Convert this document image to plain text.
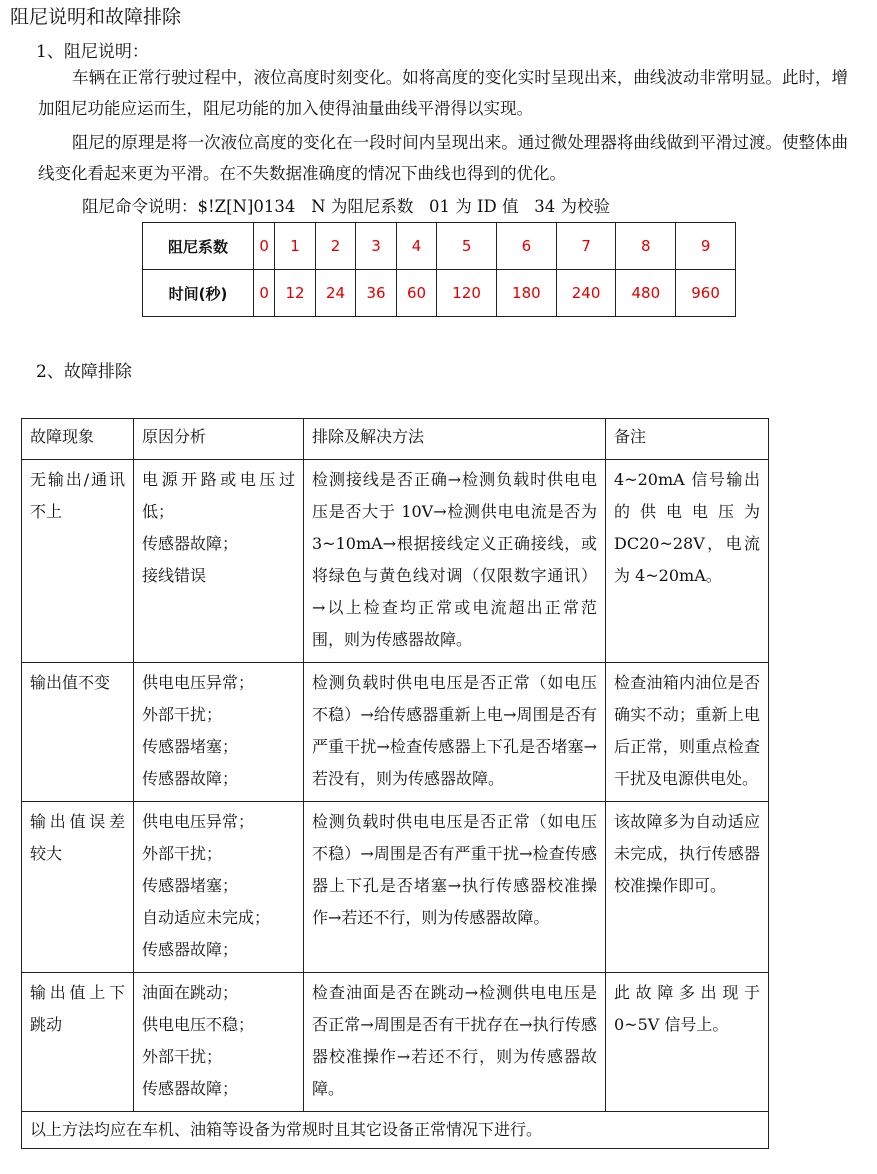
阻尼说明和故障排除

1、阻尼说明：

车辆在正常行驶过程中，液位高度时刻变化。如将高度的变化实时呈现出来，曲线波动非常明显。此时，增加阻尼功能应运而生，阻尼功能的加入使得油量曲线平滑得以实现。

阻尼的原理是将一次液位高度的变化在一段时间内呈现出来。通过微处理器将曲线做到平滑过渡。使整体曲线变化看起来更为平滑。在不失数据准确度的情况下曲线也得到的优化。

阻尼命令说明：$!Z[N]0134   N 为阻尼系数   01 为 ID 值   34 为校验

阻尼系数	0	1	2	3	4	5	6	7	8	9
时间(秒)	0	12	24	36	60	120	180	240	480	960

2、故障排除

故障现象	原因分析	排除及解决方法	备注
无输出/通讯不上	电源开路或电压过低；
传感器故障；
接线错误	检测接线是否正确→检测负载时供电电压是否大于 10V→检测供电电流是否为 3~10mA→根据接线定义正确接线，或将绿色与黄色线对调（仅限数字通讯）→以上检查均正常或电流超出正常范围，则为传感器故障。	4~20mA 信号输出的供电电压为 DC20~28V，电流为 4~20mA。
输出值不变	供电电压异常；
外部干扰；
传感器堵塞；
传感器故障；	检测负载时供电电压是否正常（如电压不稳）→给传感器重新上电→周围是否有严重干扰→检查传感器上下孔是否堵塞→若没有，则为传感器故障。	检查油箱内油位是否确实不动；重新上电后正常，则重点检查干扰及电源供电处。
输出值误差较大	供电电压异常；
外部干扰；
传感器堵塞；
自动适应未完成；
传感器故障；	检测负载时供电电压是否正常（如电压不稳）→周围是否有严重干扰→检查传感器上下孔是否堵塞→执行传感器校准操作→若还不行，则为传感器故障。	该故障多为自动适应未完成，执行传感器校准操作即可。
输出值上下跳动	油面在跳动；
供电电压不稳；
外部干扰；
传感器故障；	检查油面是否在跳动→检测供电电压是否正常→周围是否有干扰存在→执行传感器校准操作→若还不行，则为传感器故障。	此故障多出现于 0~5V 信号上。
以上方法均应在车机、油箱等设备为常规时且其它设备正常情况下进行。			
